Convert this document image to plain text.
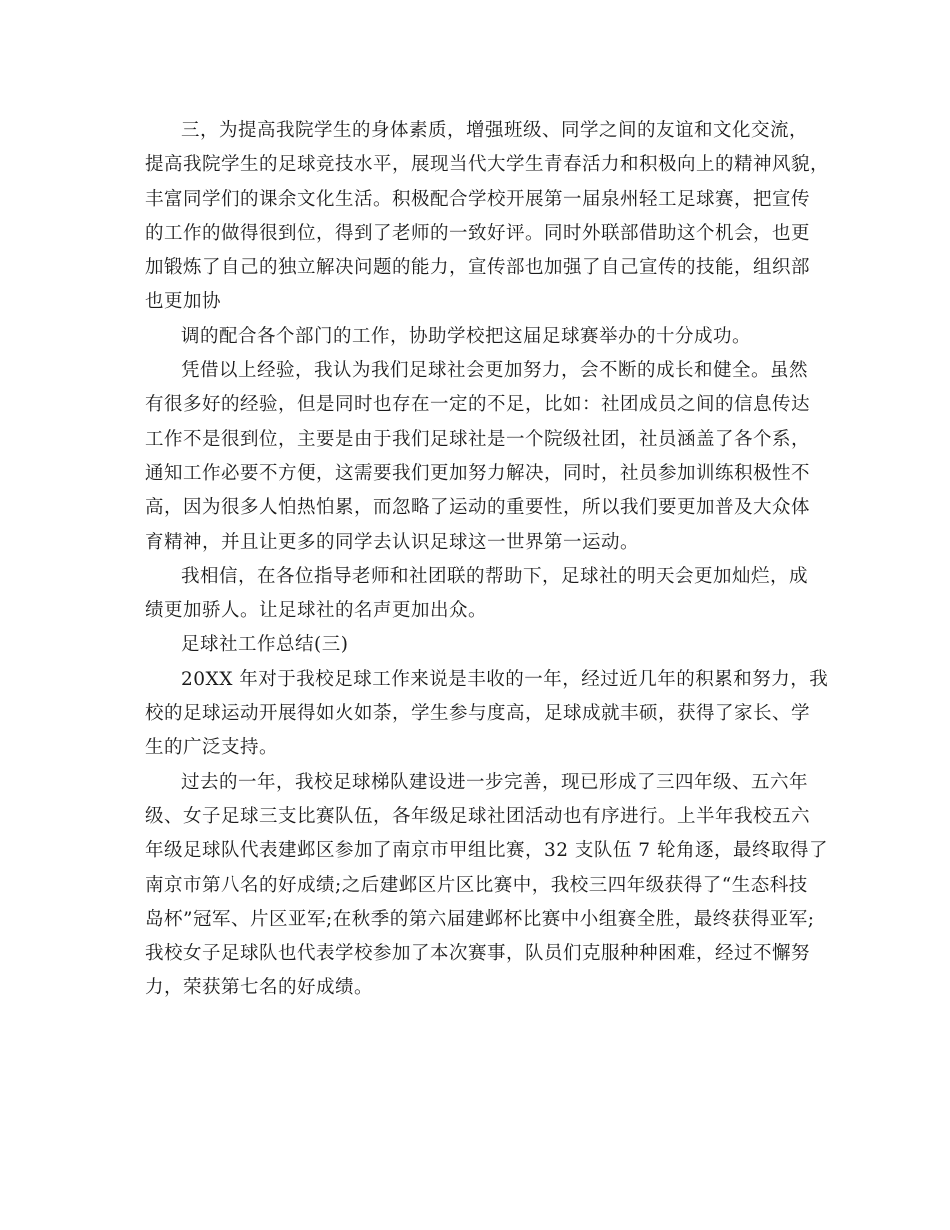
三，为提高我院学生的身体素质，增强班级、同学之间的友谊和文化交流，
提高我院学生的足球竞技水平，展现当代大学生青春活力和积极向上的精神风貌，
丰富同学们的课余文化生活。积极配合学校开展第一届泉州轻工足球赛，把宣传
的工作的做得很到位，得到了老师的一致好评。同时外联部借助这个机会，也更
加锻炼了自己的独立解决问题的能力，宣传部也加强了自己宣传的技能，组织部
也更加协
调的配合各个部门的工作，协助学校把这届足球赛举办的十分成功。
凭借以上经验，我认为我们足球社会更加努力，会不断的成长和健全。虽然
有很多好的经验，但是同时也存在一定的不足，比如：社团成员之间的信息传达
工作不是很到位，主要是由于我们足球社是一个院级社团，社员涵盖了各个系，
通知工作必要不方便，这需要我们更加努力解决，同时，社员参加训练积极性不
高，因为很多人怕热怕累，而忽略了运动的重要性，所以我们要更加普及大众体
育精神，并且让更多的同学去认识足球这一世界第一运动。
我相信，在各位指导老师和社团联的帮助下，足球社的明天会更加灿烂，成
绩更加骄人。让足球社的名声更加出众。
足球社工作总结(三)
20XX 年对于我校足球工作来说是丰收的一年，经过近几年的积累和努力，我
校的足球运动开展得如火如荼，学生参与度高，足球成就丰硕，获得了家长、学
生的广泛支持。
过去的一年，我校足球梯队建设进一步完善，现已形成了三四年级、五六年
级、女子足球三支比赛队伍，各年级足球社团活动也有序进行。上半年我校五六
年级足球队代表建邺区参加了南京市甲组比赛，32 支队伍 7 轮角逐，最终取得了
南京市第八名的好成绩;之后建邺区片区比赛中，我校三四年级获得了“生态科技
岛杯”冠军、片区亚军;在秋季的第六届建邺杯比赛中小组赛全胜，最终获得亚军;
我校女子足球队也代表学校参加了本次赛事，队员们克服种种困难，经过不懈努
力，荣获第七名的好成绩。
